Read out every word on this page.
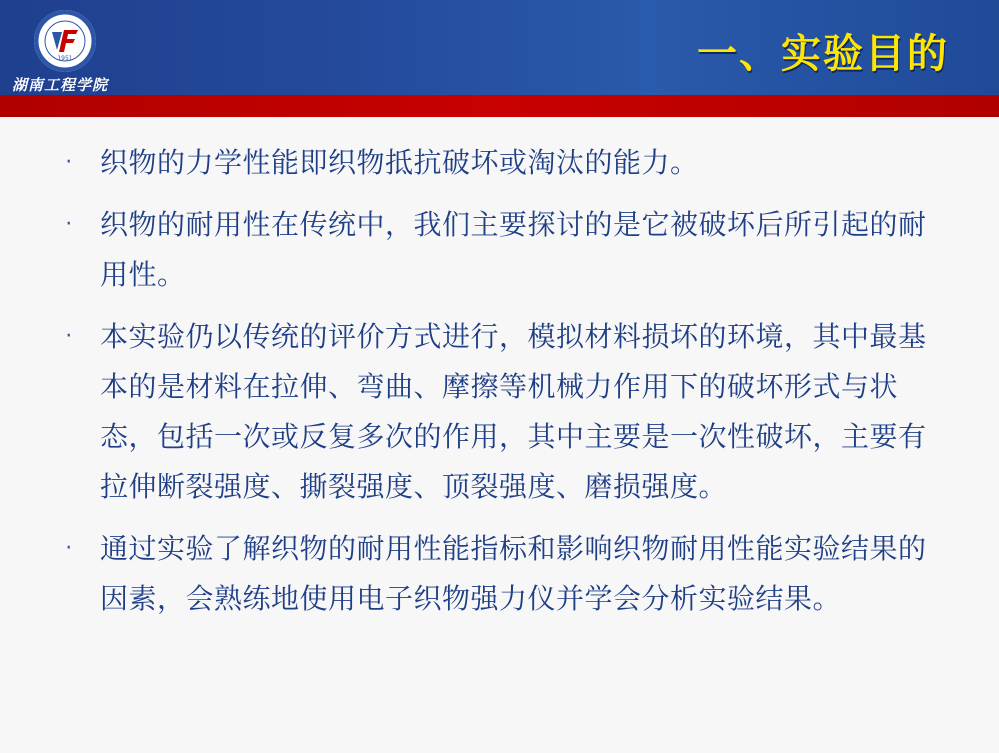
1951
湖南工程学院
一、实验目的
· 织物的力学性能即织物抵抗破坏或淘汰的能力。
· 织物的耐用性在传统中，我们主要探讨的是它被破坏后所引起的耐用性。
· 本实验仍以传统的评价方式进行，模拟材料损坏的环境，其中最基本的是材料在拉伸、弯曲、摩擦等机械力作用下的破坏形式与状态，包括一次或反复多次的作用，其中主要是一次性破坏，主要有拉伸断裂强度、撕裂强度、顶裂强度、磨损强度。
· 通过实验了解织物的耐用性能指标和影响织物耐用性能实验结果的因素，会熟练地使用电子织物强力仪并学会分析实验结果。
